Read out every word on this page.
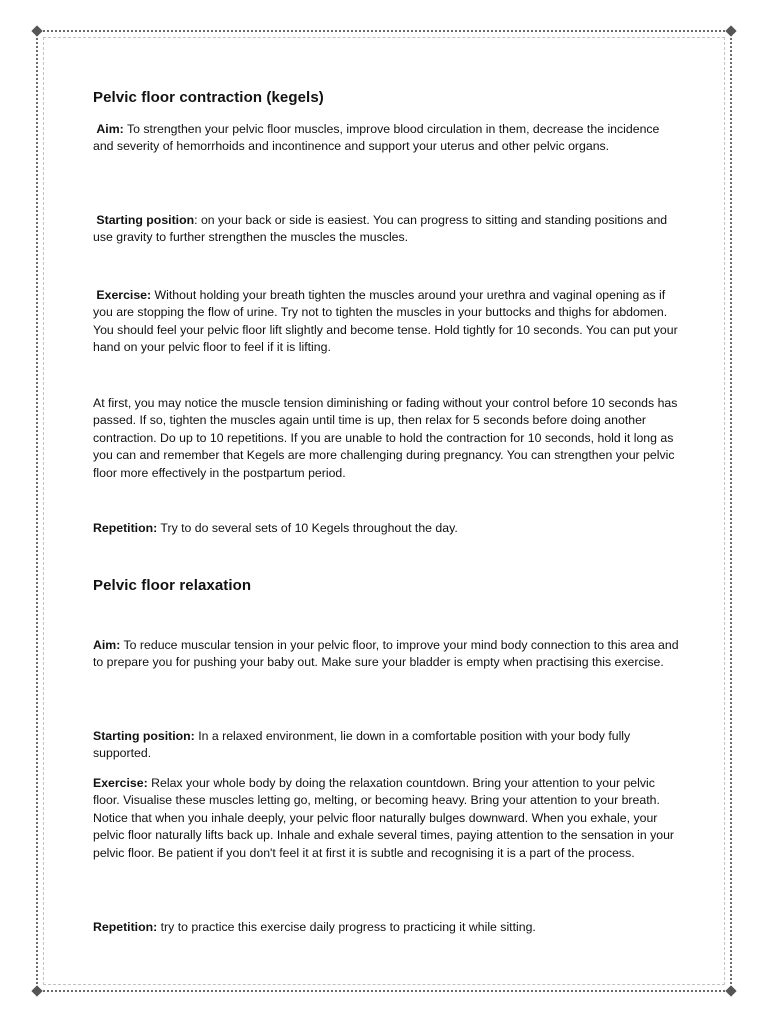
Pelvic floor contraction (kegels)

Aim: To strengthen your pelvic floor muscles, improve blood circulation in them, decrease the incidence and severity of hemorrhoids and incontinence and support your uterus and other pelvic organs.

Starting position: on your back or side is easiest. You can progress to sitting and standing positions and use gravity to further strengthen the muscles the muscles.

Exercise: Without holding your breath tighten the muscles around your urethra and vaginal opening as if you are stopping the flow of urine. Try not to tighten the muscles in your buttocks and thighs for abdomen. You should feel your pelvic floor lift slightly and become tense. Hold tightly for 10 seconds. You can put your hand on your pelvic floor to feel if it is lifting.

At first, you may notice the muscle tension diminishing or fading without your control before 10 seconds has passed. If so, tighten the muscles again until time is up, then relax for 5 seconds before doing another contraction. Do up to 10 repetitions. If you are unable to hold the contraction for 10 seconds, hold it long as you can and remember that Kegels are more challenging during pregnancy. You can strengthen your pelvic floor more effectively in the postpartum period.

Repetition: Try to do several sets of 10 Kegels throughout the day.

Pelvic floor relaxation

Aim: To reduce muscular tension in your pelvic floor, to improve your mind body connection to this area and to prepare you for pushing your baby out. Make sure your bladder is empty when practising this exercise.

Starting position: In a relaxed environment, lie down in a comfortable position with your body fully supported.

Exercise: Relax your whole body by doing the relaxation countdown. Bring your attention to your pelvic floor. Visualise these muscles letting go, melting, or becoming heavy. Bring your attention to your breath. Notice that when you inhale deeply, your pelvic floor naturally bulges downward. When you exhale, your pelvic floor naturally lifts back up. Inhale and exhale several times, paying attention to the sensation in your pelvic floor. Be patient if you don't feel it at first it is subtle and recognising it is a part of the process.

Repetition: try to practice this exercise daily progress to practicing it while sitting.
